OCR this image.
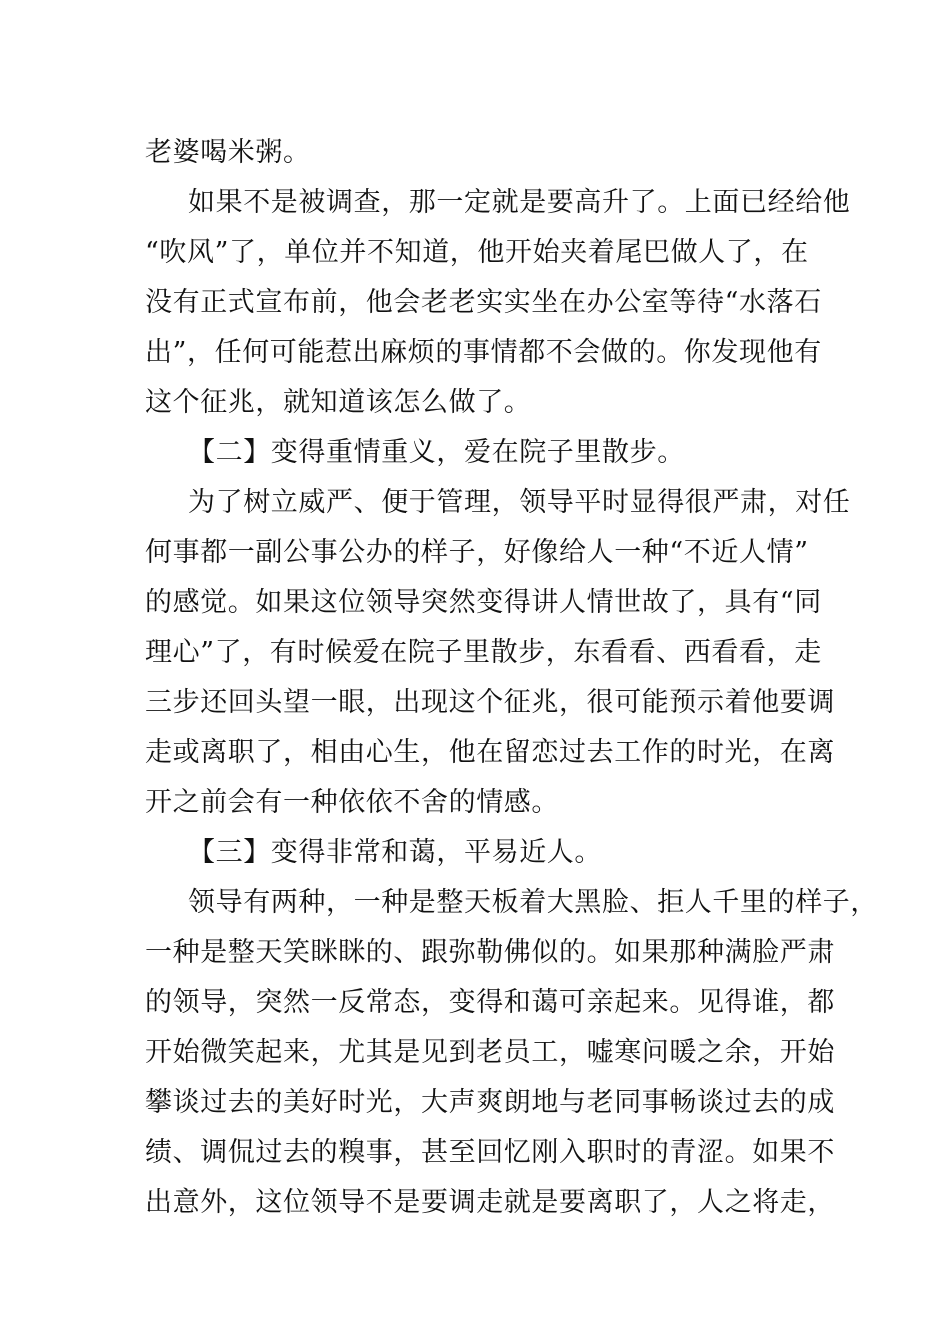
老婆喝米粥。
如果不是被调查，那一定就是要高升了。上面已经给他
“吹风”了，单位并不知道，他开始夹着尾巴做人了，在
没有正式宣布前，他会老老实实坐在办公室等待“水落石
出”，任何可能惹出麻烦的事情都不会做的。你发现他有
这个征兆，就知道该怎么做了。
【二】变得重情重义，爱在院子里散步。
为了树立威严、便于管理，领导平时显得很严肃，对任
何事都一副公事公办的样子，好像给人一种“不近人情”
的感觉。如果这位领导突然变得讲人情世故了，具有“同
理心”了，有时候爱在院子里散步，东看看、西看看，走
三步还回头望一眼，出现这个征兆，很可能预示着他要调
走或离职了，相由心生，他在留恋过去工作的时光，在离
开之前会有一种依依不舍的情感。
【三】变得非常和蔼，平易近人。
领导有两种，一种是整天板着大黑脸、拒人千里的样子，
一种是整天笑眯眯的、跟弥勒佛似的。如果那种满脸严肃
的领导，突然一反常态，变得和蔼可亲起来。见得谁，都
开始微笑起来，尤其是见到老员工，嘘寒问暖之余，开始
攀谈过去的美好时光，大声爽朗地与老同事畅谈过去的成
绩、调侃过去的糗事，甚至回忆刚入职时的青涩。如果不
出意外，这位领导不是要调走就是要离职了，人之将走，
